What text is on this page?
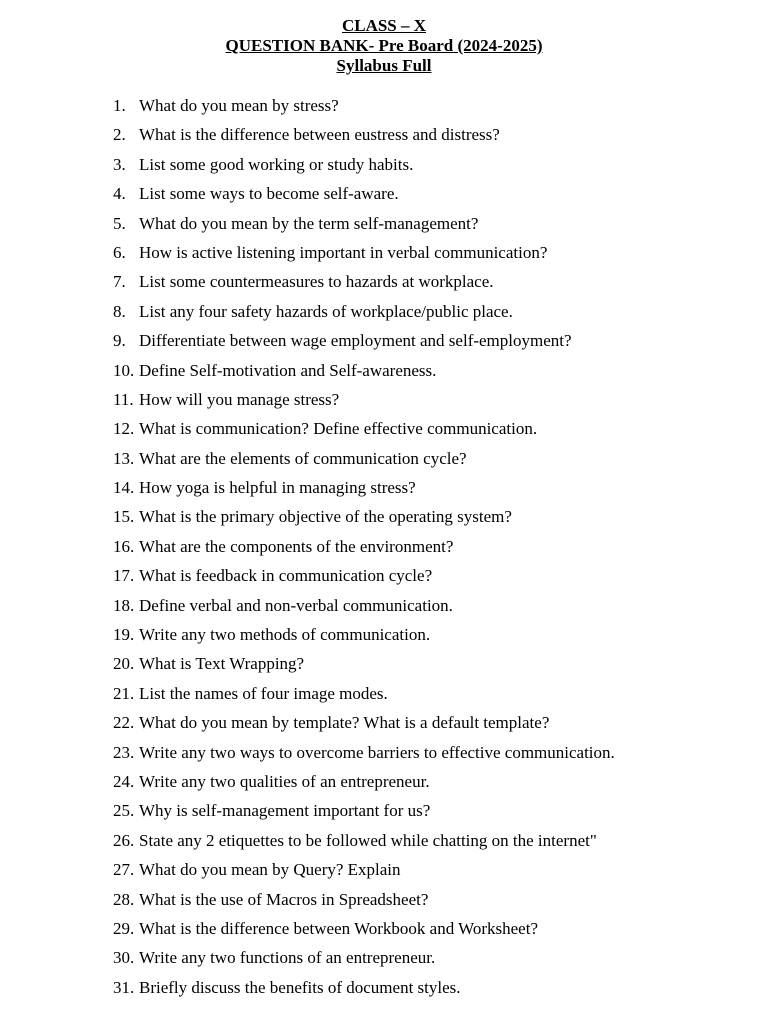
CLASS – X
QUESTION BANK- Pre Board (2024-2025)
Syllabus Full
1. What do you mean by stress?
2. What is the difference between eustress and distress?
3. List some good working or study habits.
4. List some ways to become self-aware.
5. What do you mean by the term self-management?
6. How is active listening important in verbal communication?
7. List some countermeasures to hazards at workplace.
8. List any four safety hazards of workplace/public place.
9. Differentiate between wage employment and self-employment?
10. Define Self-motivation and Self-awareness.
11. How will you manage stress?
12. What is communication? Define effective communication.
13. What are the elements of communication cycle?
14. How yoga is helpful in managing stress?
15. What is the primary objective of the operating system?
16. What are the components of the environment?
17. What is feedback in communication cycle?
18. Define verbal and non-verbal communication.
19. Write any two methods of communication.
20. What is Text Wrapping?
21. List the names of four image modes.
22. What do you mean by template? What is a default template?
23. Write any two ways to overcome barriers to effective communication.
24. Write any two qualities of an entrepreneur.
25. Why is self-management important for us?
26. State any 2 etiquettes to be followed while chatting on the internet"
27. What do you mean by Query? Explain
28. What is the use of Macros in Spreadsheet?
29. What is the difference between Workbook and Worksheet?
30. Write any two functions of an entrepreneur.
31. Briefly discuss the benefits of document styles.
